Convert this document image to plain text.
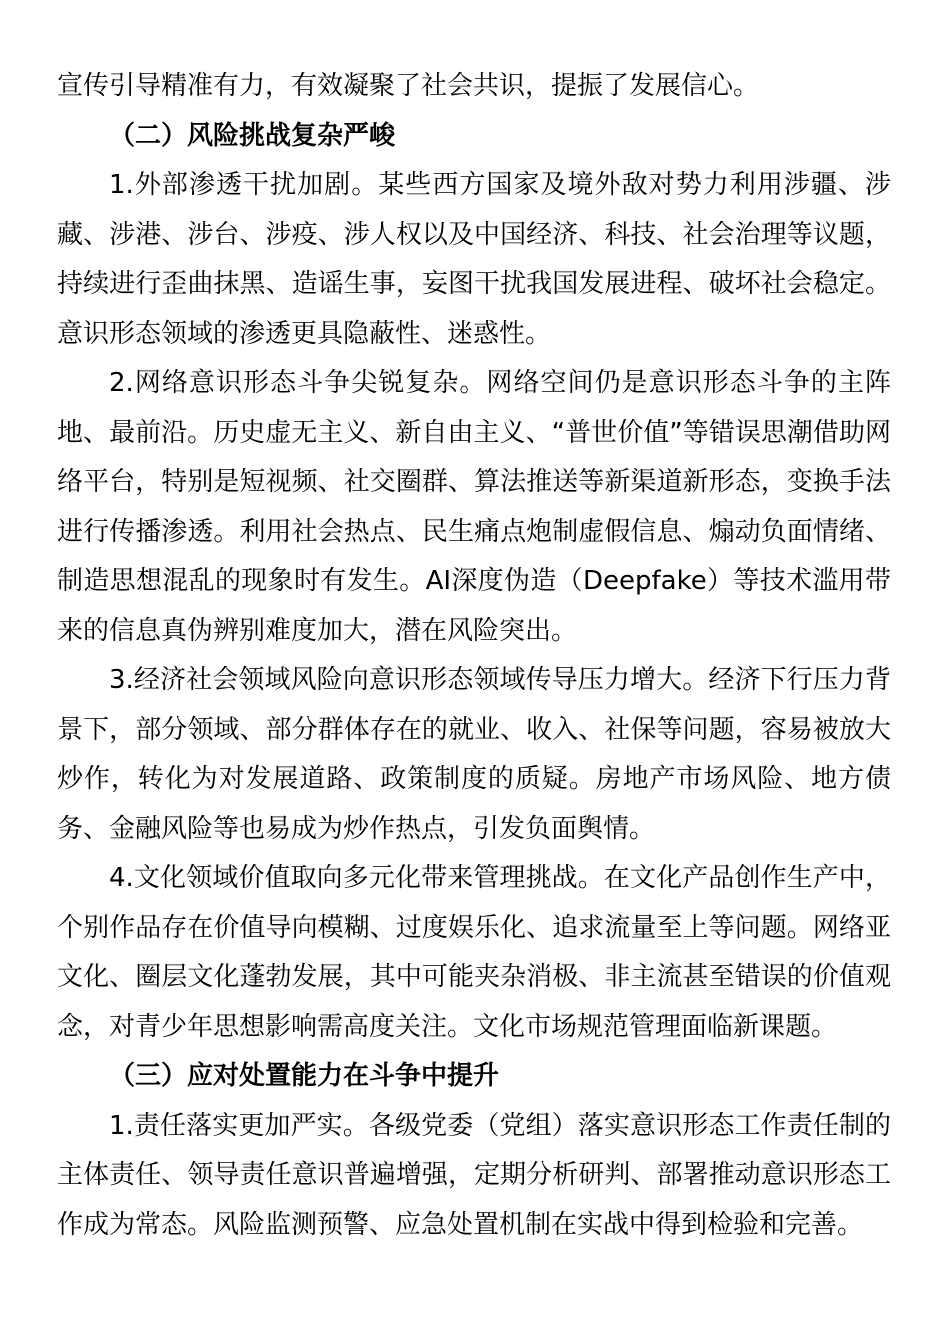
宣传引导精准有力，有效凝聚了社会共识，提振了发展信心。

（二）风险挑战复杂严峻

1.外部渗透干扰加剧。某些西方国家及境外敌对势力利用涉疆、涉藏、涉港、涉台、涉疫、涉人权以及中国经济、科技、社会治理等议题，持续进行歪曲抹黑、造谣生事，妄图干扰我国发展进程、破坏社会稳定。意识形态领域的渗透更具隐蔽性、迷惑性。

2.网络意识形态斗争尖锐复杂。网络空间仍是意识形态斗争的主阵地、最前沿。历史虚无主义、新自由主义、“普世价值”等错误思潮借助网络平台，特别是短视频、社交圈群、算法推送等新渠道新形态，变换手法进行传播渗透。利用社会热点、民生痛点炮制虚假信息、煽动负面情绪、制造思想混乱的现象时有发生。AI深度伪造（Deepfake）等技术滥用带来的信息真伪辨别难度加大，潜在风险突出。

3.经济社会领域风险向意识形态领域传导压力增大。经济下行压力背景下，部分领域、部分群体存在的就业、收入、社保等问题，容易被放大炒作，转化为对发展道路、政策制度的质疑。房地产市场风险、地方债务、金融风险等也易成为炒作热点，引发负面舆情。

4.文化领域价值取向多元化带来管理挑战。在文化产品创作生产中，个别作品存在价值导向模糊、过度娱乐化、追求流量至上等问题。网络亚文化、圈层文化蓬勃发展，其中可能夹杂消极、非主流甚至错误的价值观念，对青少年思想影响需高度关注。文化市场规范管理面临新课题。

（三）应对处置能力在斗争中提升

1.责任落实更加严实。各级党委（党组）落实意识形态工作责任制的主体责任、领导责任意识普遍增强，定期分析研判、部署推动意识形态工作成为常态。风险监测预警、应急处置机制在实战中得到检验和完善。
